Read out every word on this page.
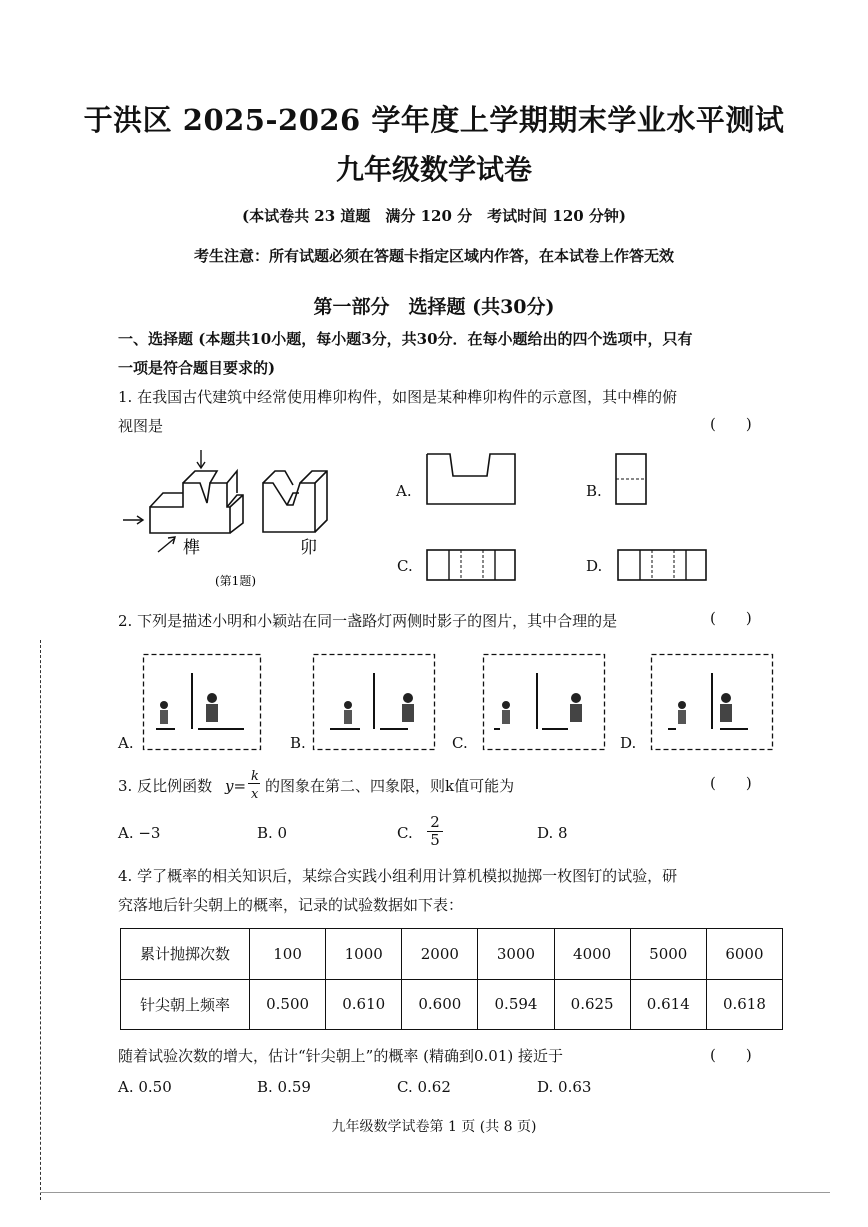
于洪区 2025-2026 学年度上学期期末学业水平测试
九年级数学试卷
(本试卷共 23 道题　满分 120 分　考试时间 120 分钟)
考生注意：所有试题必须在答题卡指定区域内作答，在本试卷上作答无效
第一部分　选择题 (共30分)
一、选择题 (本题共10小题，每小题3分，共30分．在每小题给出的四个选项中，只有
一项是符合题目要求的)
1. 在我国古代建筑中经常使用榫卯构件，如图是某种榫卯构件的示意图，其中榫的俯
视图是	(　　)
榫	卯
(第1题)
A.	B.
C.	D.
2. 下列是描述小明和小颖站在同一盏路灯两侧时影子的图片，其中合理的是	(　　)
A.	B.	C.	D.
3. 反比例函数 y=
k
x 的图象在第二、四象限，则k值可能为	(　　)
A. −3	B. 0	C. $\frac{2}{5}$	D. 8
4. 学了概率的相关知识后，某综合实践小组利用计算机模拟抛掷一枚图钉的试验，研
究落地后针尖朝上的概率，记录的试验数据如下表：
累计抛掷次数	100	1000	2000	3000	4000	5000	6000
针尖朝上频率	0.500	0.610	0.600	0.594	0.625	0.614	0.618
随着试验次数的增大，估计“针尖朝上”的概率 (精确到0.01) 接近于	(　　)
A. 0.50	B. 0.59	C. 0.62	D. 0.63
九年级数学试卷第 1 页 (共 8 页)
